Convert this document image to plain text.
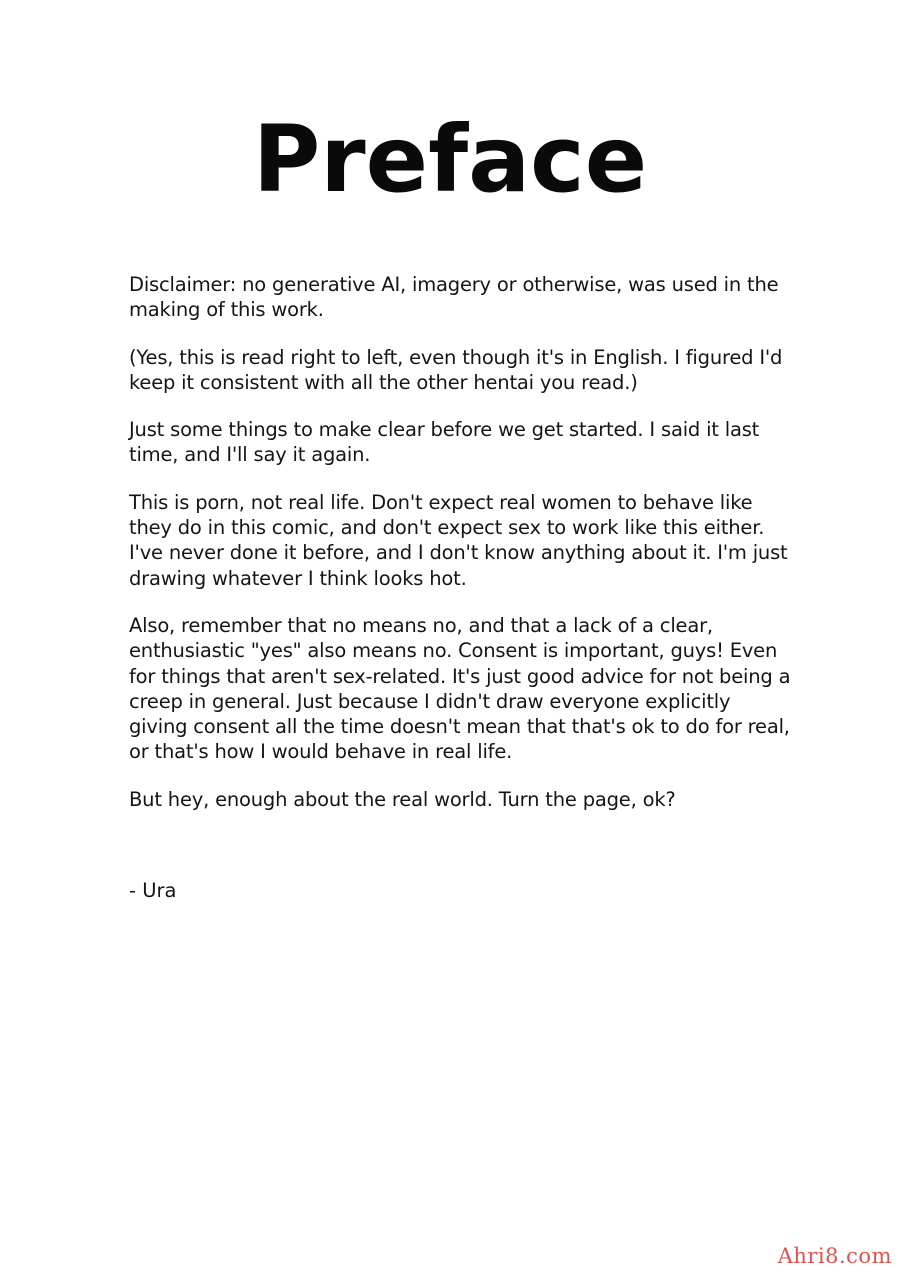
Preface

Disclaimer: no generative AI, imagery or otherwise, was used in the making of this work.

(Yes, this is read right to left, even though it's in English. I figured I'd keep it consistent with all the other hentai you read.)

Just some things to make clear before we get started. I said it last time, and I'll say it again.

This is porn, not real life. Don't expect real women to behave like they do in this comic, and don't expect sex to work like this either. I've never done it before, and I don't know anything about it. I'm just drawing whatever I think looks hot.

Also, remember that no means no, and that a lack of a clear, enthusiastic "yes" also means no. Consent is important, guys! Even for things that aren't sex-related. It's just good advice for not being a creep in general. Just because I didn't draw everyone explicitly giving consent all the time doesn't mean that that's ok to do for real, or that's how I would behave in real life.

But hey, enough about the real world. Turn the page, ok?

- Ura
Ahri8.com
